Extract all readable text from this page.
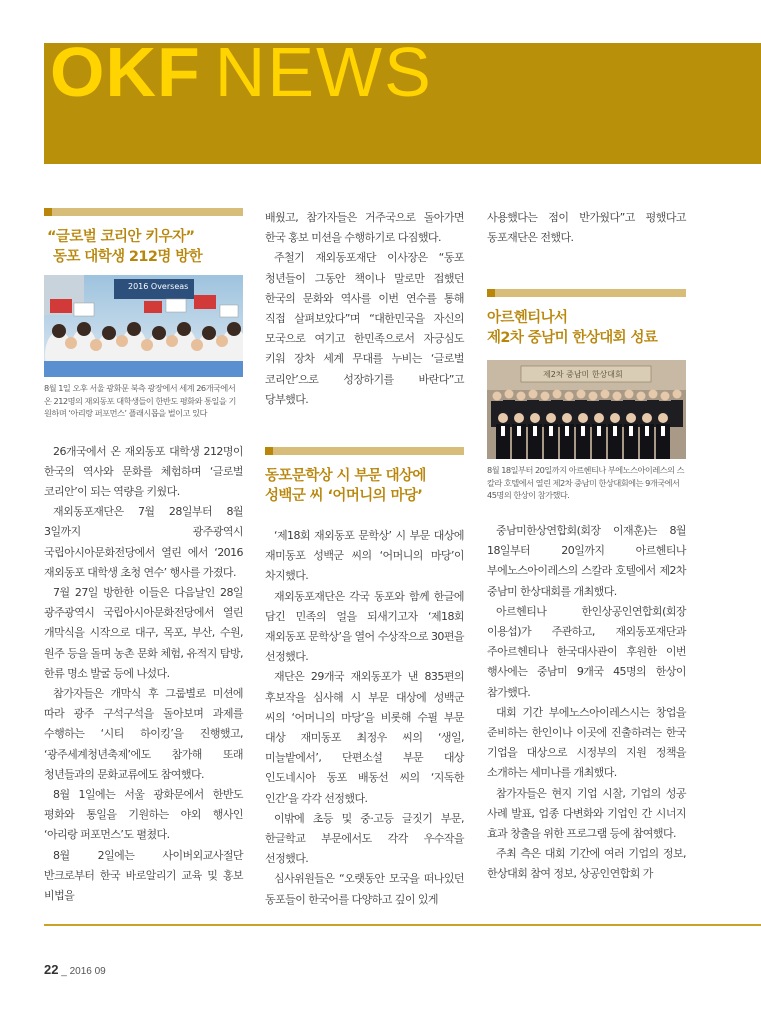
OKF NEWS
“글로벌 코리안 키우자”
동포 대학생 212명 방한
2016 Overseas
8월 1일 오후 서울 광화문 북측 광장에서 세계 26개국에서 온 212명의 재외동포 대학생들이 한반도 평화와 통일을 기원하며 ‘아리랑 퍼포먼스’ 플래시몹을 벌이고 있다

26개국에서 온 재외동포 대학생 212명이 한국의 역사와 문화를 체험하며 ‘글로벌 코리안’이 되는 역량을 키웠다.

재외동포재단은 7월 28일부터 8월 3일까지 광주광역시 국립아시아문화전당에서 열린 에서 ‘2016 재외동포 대학생 초청 연수’ 행사를 가졌다.

7월 27일 방한한 이들은 다음날인 28일 광주광역시 국립아시아문화전당에서 열린 개막식을 시작으로 대구, 목포, 부산, 수원, 원주 등을 돌며 농촌 문화 체험, 유적지 탐방, 한류 명소 발굴 등에 나섰다.

참가자들은 개막식 후 그룹별로 미션에 따라 광주 구석구석을 돌아보며 과제를 수행하는 ‘시티 하이킹’을 진행했고, ‘광주세계청년축제’에도 참가해 또래 청년들과의 문화교류에도 참여했다.

8월 1일에는 서울 광화문에서 한반도 평화와 통일을 기원하는 야외 행사인 ‘아리랑 퍼포먼스’도 펼쳤다.

8월 2일에는 사이버외교사절단 반크로부터 한국 바로알리기 교육 및 홍보 비법을

배웠고, 참가자들은 거주국으로 돌아가면 한국 홍보 미션을 수행하기로 다짐했다.

주철기 재외동포재단 이사장은 “동포 청년들이 그동안 책이나 말로만 접했던 한국의 문화와 역사를 이번 연수를 통해 직접 살펴보았다”며 “대한민국을 자신의 모국으로 여기고 한민족으로서 자긍심도 키워 장차 세계 무대를 누비는 ‘글로벌 코리안’으로 성장하기를 바란다”고 당부했다.

동포문학상 시 부문 대상에
성백군 씨 ‘어머니의 마당’

‘제18회 재외동포 문학상’ 시 부문 대상에 재미동포 성백군 씨의 ‘어머니의 마당’이 차지했다.

재외동포재단은 각국 동포와 함께 한글에 담긴 민족의 얼을 되새기고자 ‘제18회 재외동포 문학상’을 열어 수상작으로 30편을 선정했다.

재단은 29개국 재외동포가 낸 835편의 후보작을 심사해 시 부문 대상에 성백군 씨의 ‘어머니의 마당’을 비롯해 수필 부문 대상 재미동포 최정우 씨의 ‘생일, 미늘밭에서’, 단편소설 부문 대상 인도네시아 동포 배동선 씨의 ‘지독한 인간’을 각각 선정했다.

이밖에 초등 및 중·고등 글짓기 부문, 한글학교 부문에서도 각각 우수작을 선정했다.

심사위원들은 “오랫동안 모국을 떠나있던 동포들이 한국어를 다양하고 깊이 있게

사용했다는 점이 반가웠다”고 평했다고 동포재단은 전했다.

아르헨티나서
제2차 중남미 한상대회 성료
제2차 중남미 한상대회
8월 18일부터 20일까지 아르헨티나 부에노스아이레스의 스칼라 호텔에서 열린 제2차 중남미 한상대회에는 9개국에서 45명의 한상이 참가했다.

중남미한상연합회(회장 이재훈)는 8월 18일부터 20일까지 아르헨티나 부에노스아이레스의 스칼라 호텔에서 제2차 중남미 한상대회를 개최했다.

아르헨티나 한인상공인연합회(회장 이용섭)가 주관하고, 재외동포재단과 주아르헨티나 한국대사관이 후원한 이번 행사에는 중남미 9개국 45명의 한상이 참가했다.

대회 기간 부에노스아이레스시는 창업을 준비하는 한인이나 이곳에 진출하려는 한국 기업을 대상으로 시정부의 지원 정책을 소개하는 세미나를 개최했다.

참가자들은 현지 기업 시찰, 기업의 성공 사례 발표, 업종 다변화와 기업인 간 시너지 효과 창출을 위한 프로그램 등에 참여했다.

주최 측은 대회 기간에 여러 기업의 정보, 한상대회 참여 정보, 상공인연합회 가

22 _ 2016 09
